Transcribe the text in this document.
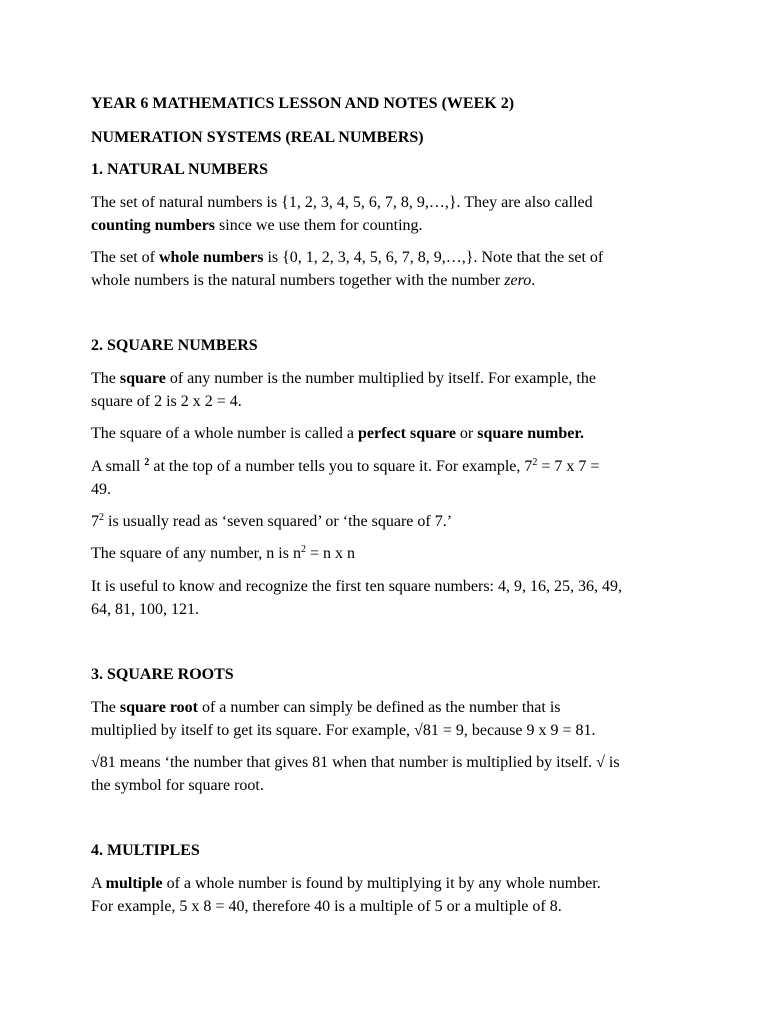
YEAR 6 MATHEMATICS LESSON AND NOTES (WEEK 2)

NUMERATION SYSTEMS (REAL NUMBERS)

1. NATURAL NUMBERS

The set of natural numbers is {1, 2, 3, 4, 5, 6, 7, 8, 9,…,}. They are also called

counting numbers since we use them for counting.

The set of whole numbers is {0, 1, 2, 3, 4, 5, 6, 7, 8, 9,…,}. Note that the set of

whole numbers is the natural numbers together with the number zero.

2. SQUARE NUMBERS

The square of any number is the number multiplied by itself. For example, the

square of 2 is 2 x 2 = 4.

The square of a whole number is called a perfect square or square number.

A small $^2$ at the top of a number tells you to square it. For example, $7^2 = 7$ x 7 =

49.

$7^2$ is usually read as ‘seven squared’ or ‘the square of 7.’

The square of any number, n is $n^2 = n$ x n

It is useful to know and recognize the first ten square numbers: 4, 9, 16, 25, 36, 49,

64, 81, 100, 121.

3. SQUARE ROOTS

The square root of a number can simply be defined as the number that is

multiplied by itself to get its square. For example, √81 = 9, because 9 x 9 = 81.

√81 means ‘the number that gives 81 when that number is multiplied by itself. √ is

the symbol for square root.

4. MULTIPLES

A multiple of a whole number is found by multiplying it by any whole number.

For example, 5 x 8 = 40, therefore 40 is a multiple of 5 or a multiple of 8.
